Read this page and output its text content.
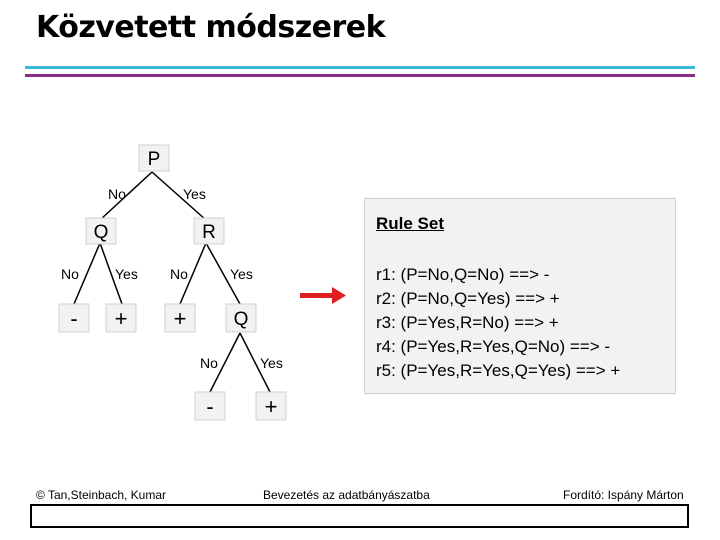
Közvetett módszerek
No	Yes
No	Yes No	Yes
No	Yes
P
Q	R
Q
- + +
- +
Rule Set
r1: (P=No,Q=No) ==> -
r2: (P=No,Q=Yes) ==> +
r3: (P=Yes,R=No) ==> +
r4: (P=Yes,R=Yes,Q=No) ==> -
r5: (P=Yes,R=Yes,Q=Yes) ==> +
© Tan,Steinbach, Kumar	Bevezetés az adatbányászatba	Fordító: Ispány Márton
